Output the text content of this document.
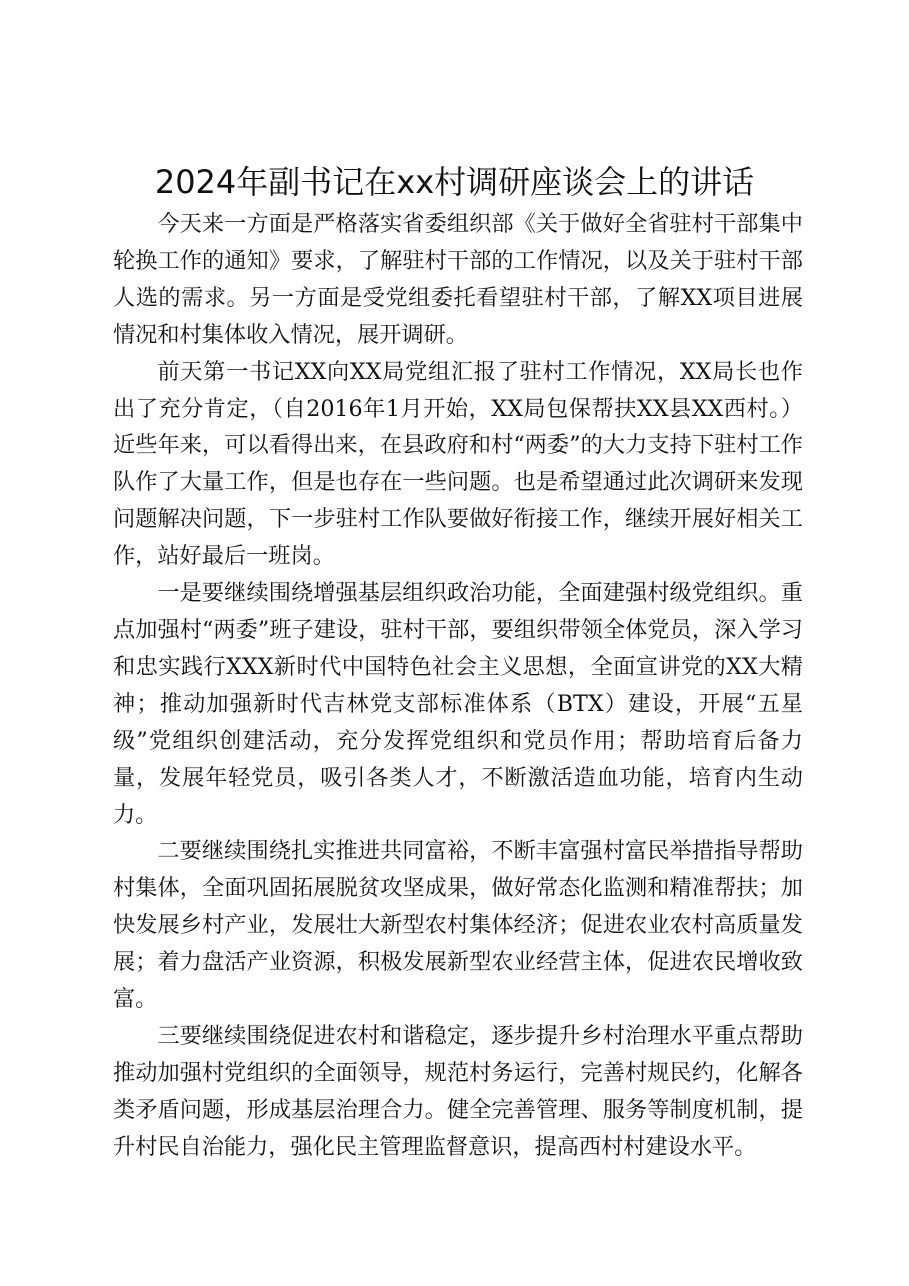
2024年副书记在xx村调研座谈会上的讲话

今天来一方面是严格落实省委组织部《关于做好全省驻村干部集中轮换工作的通知》要求，了解驻村干部的工作情况，以及关于驻村干部人选的需求。另一方面是受党组委托看望驻村干部，了解XX项目进展情况和村集体收入情况，展开调研。

前天第一书记XX向XX局党组汇报了驻村工作情况，XX局长也作出了充分肯定，（自2016年1月开始，XX局包保帮扶XX县XX西村。）近些年来，可以看得出来，在县政府和村“两委”的大力支持下驻村工作队作了大量工作，但是也存在一些问题。也是希望通过此次调研来发现问题解决问题，下一步驻村工作队要做好衔接工作，继续开展好相关工作，站好最后一班岗。

一是要继续围绕增强基层组织政治功能，全面建强村级党组织。重点加强村“两委”班子建设，驻村干部，要组织带领全体党员，深入学习和忠实践行XXX新时代中国特色社会主义思想，全面宣讲党的XX大精神；推动加强新时代吉林党支部标准体系（BTX）建设，开展“五星级”党组织创建活动，充分发挥党组织和党员作用；帮助培育后备力量，发展年轻党员，吸引各类人才，不断激活造血功能，培育内生动力。

二要继续围绕扎实推进共同富裕，不断丰富强村富民举措指导帮助村集体，全面巩固拓展脱贫攻坚成果，做好常态化监测和精准帮扶；加快发展乡村产业，发展壮大新型农村集体经济；促进农业农村高质量发展；着力盘活产业资源，积极发展新型农业经营主体，促进农民增收致富。

三要继续围绕促进农村和谐稳定，逐步提升乡村治理水平重点帮助推动加强村党组织的全面领导，规范村务运行，完善村规民约，化解各类矛盾问题，形成基层治理合力。健全完善管理、服务等制度机制，提升村民自治能力，强化民主管理监督意识，提高西村村建设水平。
